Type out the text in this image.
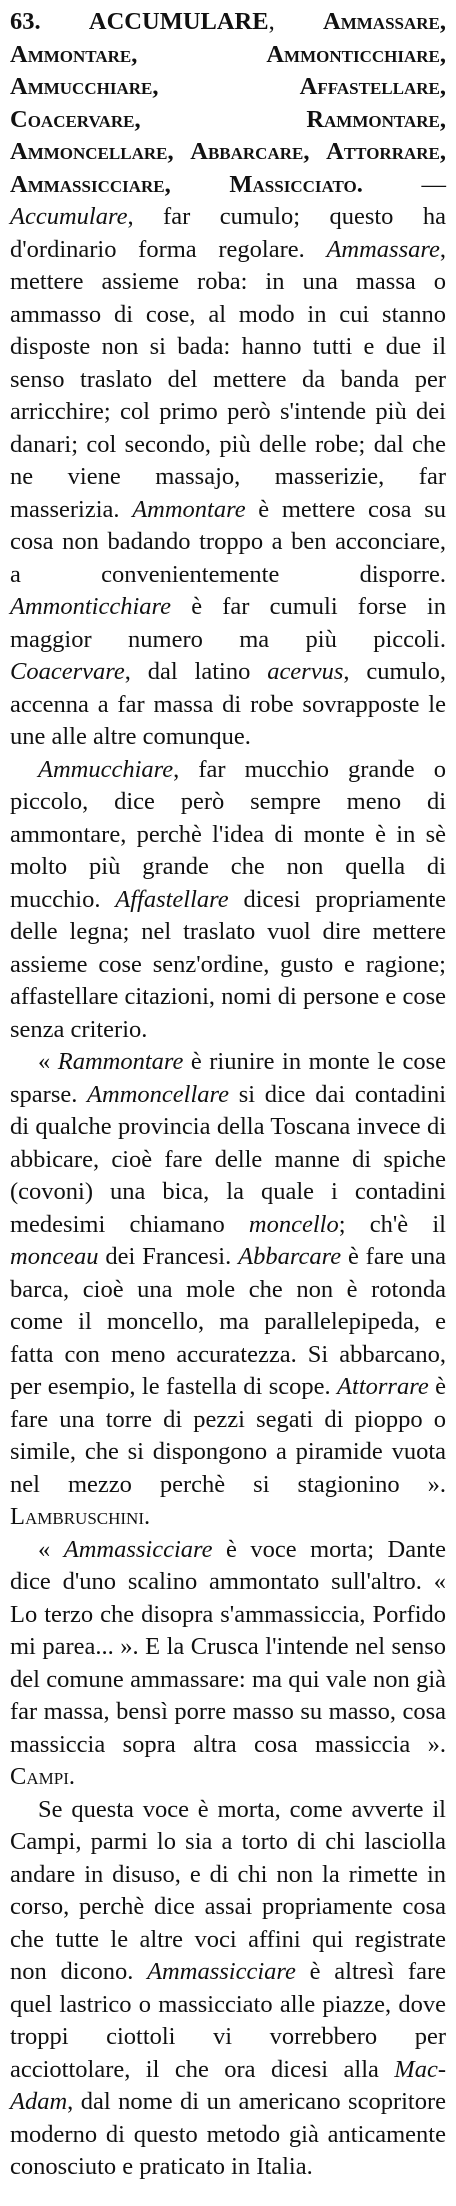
63. ACCUMULARE, Ammassare, Ammontare, Ammonticchiare, Ammucchiare, Affastellare, Coacervare, Rammontare, Ammoncellare, Abbarcare, Attorrare, Ammassicciare, Massicciato. — Accumulare, far cumulo; questo ha d'ordinario forma regolare. Ammassare, mettere assieme roba: in una massa o ammasso di cose, al modo in cui stanno disposte non si bada: hanno tutti e due il senso traslato del mettere da banda per arricchire; col primo però s'intende più dei danari; col secondo, più delle robe; dal che ne viene massajo, masserizie, far masserizia. Ammontare è mettere cosa su cosa non badando troppo a ben acconciare, a convenientemente disporre. Ammonticchiare è far cumuli forse in maggior numero ma più piccoli. Coacervare, dal latino acervus, cumulo, accenna a far massa di robe sovrapposte le une alle altre comunque.

Ammucchiare, far mucchio grande o piccolo, dice però sempre meno di ammontare, perchè l'idea di monte è in sè molto più grande che non quella di mucchio. Affastellare dicesi propriamente delle legna; nel traslato vuol dire mettere assieme cose senz'ordine, gusto e ragione; affastellare citazioni, nomi di persone e cose senza criterio.

« Rammontare è riunire in monte le cose sparse. Ammoncellare si dice dai contadini di qualche provincia della Toscana invece di abbicare, cioè fare delle manne di spiche (covoni) una bica, la quale i contadini medesimi chiamano moncello; ch'è il monceau dei Francesi. Abbarcare è fare una barca, cioè una mole che non è rotonda come il moncello, ma parallelepipeda, e fatta con meno accuratezza. Si abbarcano, per esempio, le fastella di scope. Attorrare è fare una torre di pezzi segati di pioppo o simile, che si dispongono a piramide vuota nel mezzo perchè si stagionino ». Lambruschini.

« Ammassicciare è voce morta; Dante dice d'uno scalino ammontato sull'altro. « Lo terzo che disopra s'ammassiccia, Porfido mi parea... ». E la Crusca l'intende nel senso del comune ammassare: ma qui vale non già far massa, bensì porre masso su masso, cosa massiccia sopra altra cosa massiccia ». Campi.

Se questa voce è morta, come avverte il Campi, parmi lo sia a torto di chi lasciolla andare in disuso, e di chi non la rimette in corso, perchè dice assai propriamente cosa che tutte le altre voci affini qui registrate non dicono. Ammassicciare è altresì fare quel lastrico o massicciato alle piazze, dove troppi ciottoli vi vorrebbero per acciottolare, il che ora dicesi alla Mac-Adam, dal nome di un americano scopritore moderno di questo metodo già anticamente conosciuto e praticato in Italia.
